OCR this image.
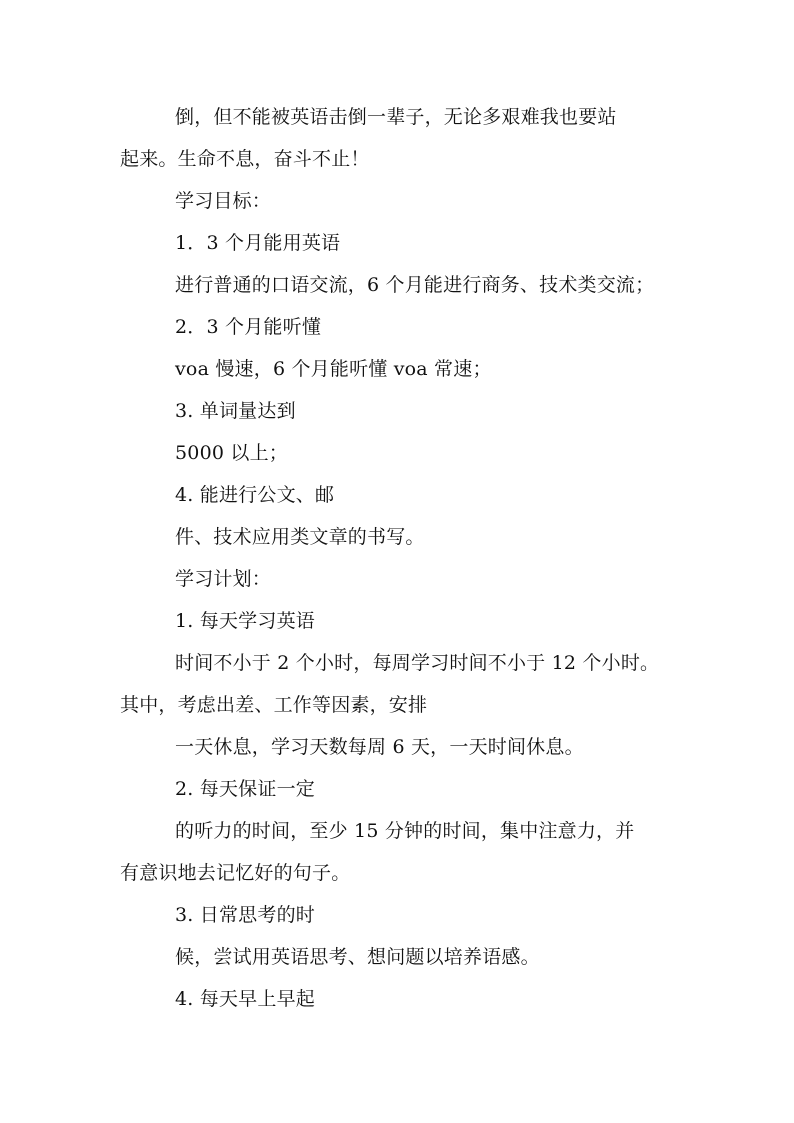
倒，但不能被英语击倒一辈子，无论多艰难我也要站
起来。生命不息，奋斗不止！
学习目标：
1．3 个月能用英语
进行普通的口语交流，6 个月能进行商务、技术类交流；
2．3 个月能听懂
voa 慢速，6 个月能听懂 voa 常速；
3. 单词量达到
5000 以上；
4. 能进行公文、邮
件、技术应用类文章的书写。
学习计划：
1. 每天学习英语
时间不小于 2 个小时，每周学习时间不小于 12 个小时。
其中，考虑出差、工作等因素，安排
一天休息，学习天数每周 6 天，一天时间休息。
2. 每天保证一定
的听力的时间，至少 15 分钟的时间，集中注意力，并
有意识地去记忆好的句子。
3. 日常思考的时
候，尝试用英语思考、想问题以培养语感。
4. 每天早上早起
